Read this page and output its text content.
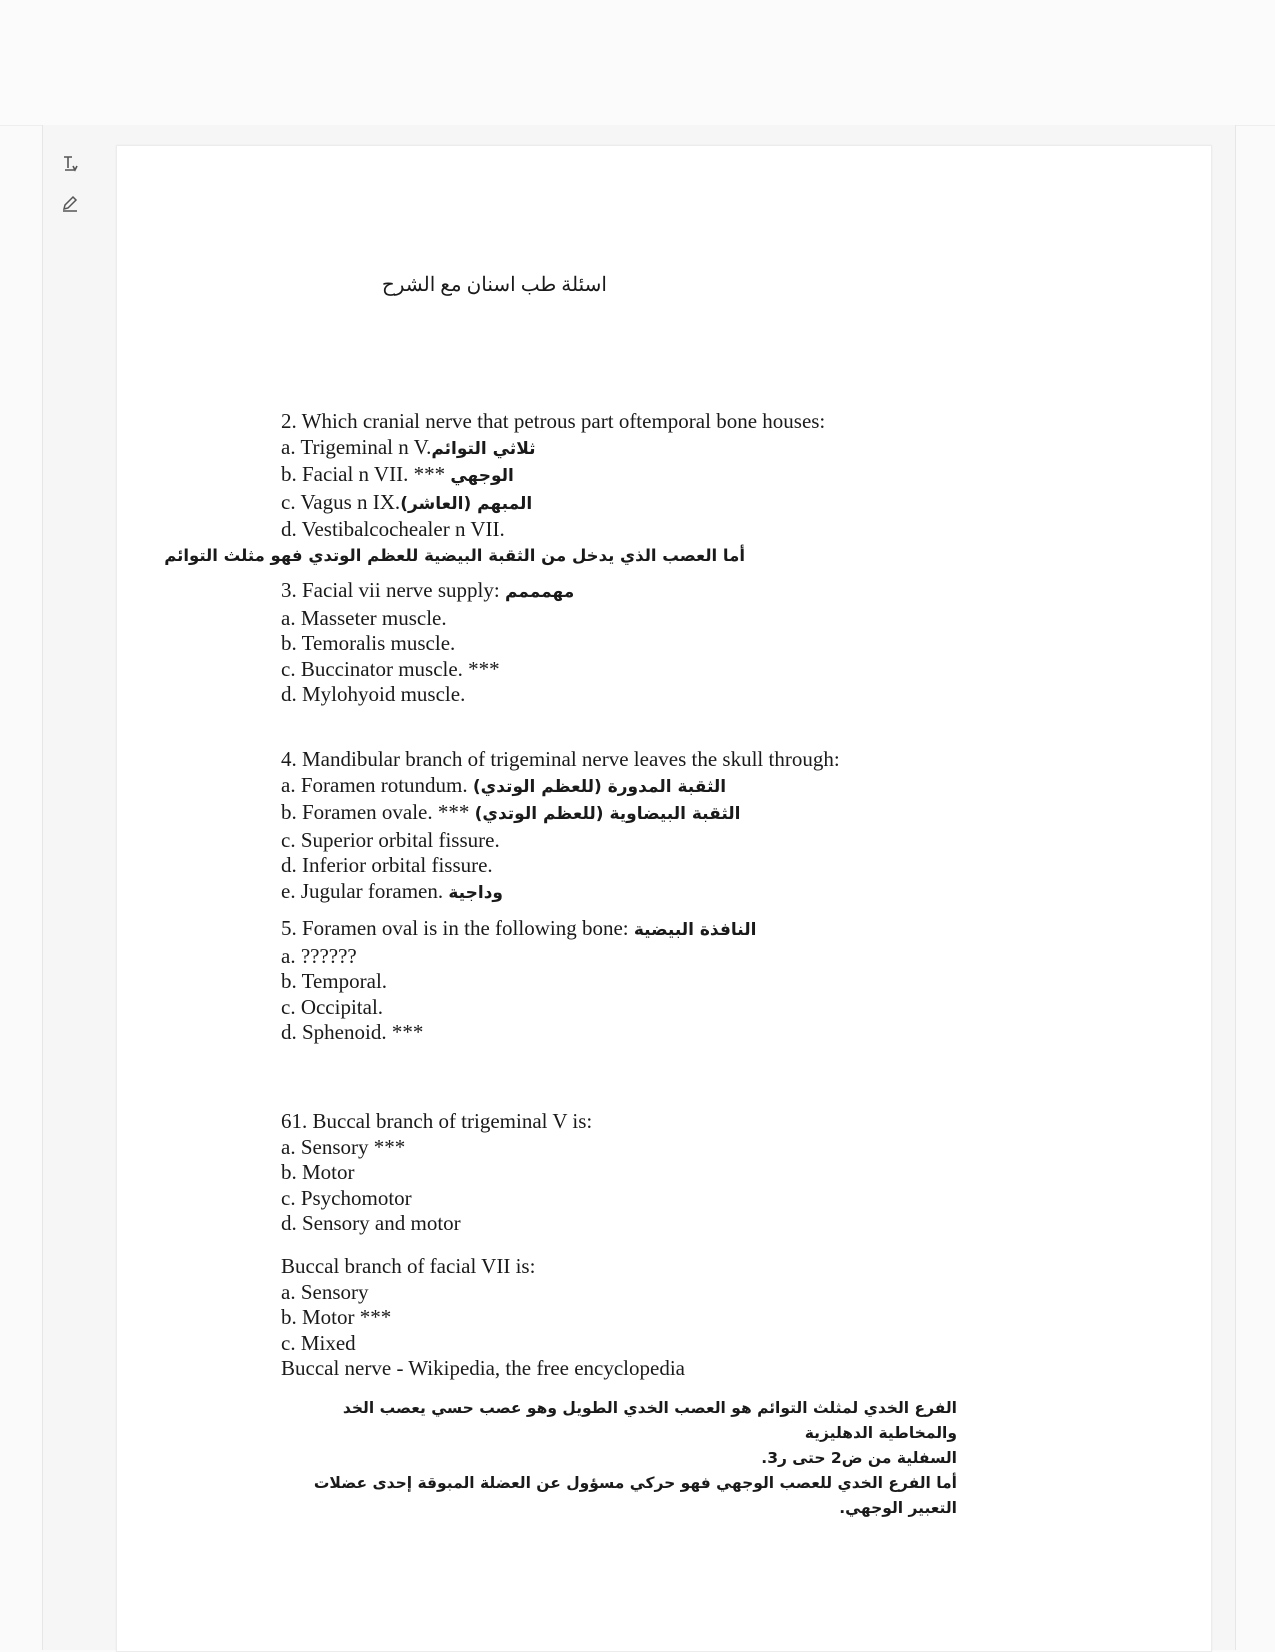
اسئلة طب اسنان مع الشرح
2. Which cranial nerve that petrous part oftemporal bone houses:
a. Trigeminal n V.ثلاثي التوائم
b. Facial n VII. *** الوجهي
c. Vagus n IX.المبهم (العاشر)
d. Vestibalcochealer n VII.
أما العصب الذي يدخل من الثقبة البيضية للعظم الوتدي فهو مثلث التوائم
3. Facial vii nerve supply: مهمممم
a. Masseter muscle.
b. Temoralis muscle.
c. Buccinator muscle. ***
d. Mylohyoid muscle.
4. Mandibular branch of trigeminal nerve leaves the skull through:
a. Foramen rotundum. الثقبة المدورة (للعظم الوتدي)
b. Foramen ovale. *** الثقبة البيضاوية (للعظم الوتدي)
c. Superior orbital fissure.
d. Inferior orbital fissure.
e. Jugular foramen. وداجية
5. Foramen oval is in the following bone: النافذة البيضية
a. ??????
b. Temporal.
c. Occipital.
d. Sphenoid. ***
61. Buccal branch of trigeminal V is:
a. Sensory ***
b. Motor
c. Psychomotor
d. Sensory and motor
Buccal branch of facial VII is:
a. Sensory
b. Motor ***
c. Mixed
Buccal nerve - Wikipedia, the free encyclopedia
الفرع الخدي لمثلث التوائم هو العصب الخدي الطويل وهو عصب حسي يعصب الخد والمخاطية الدهليزية
السفلية من ض2 حتى ر3.
أما الفرع الخدي للعصب الوجهي فهو حركي مسؤول عن العضلة المبوقة إحدى عضلات التعبير الوجهي.
